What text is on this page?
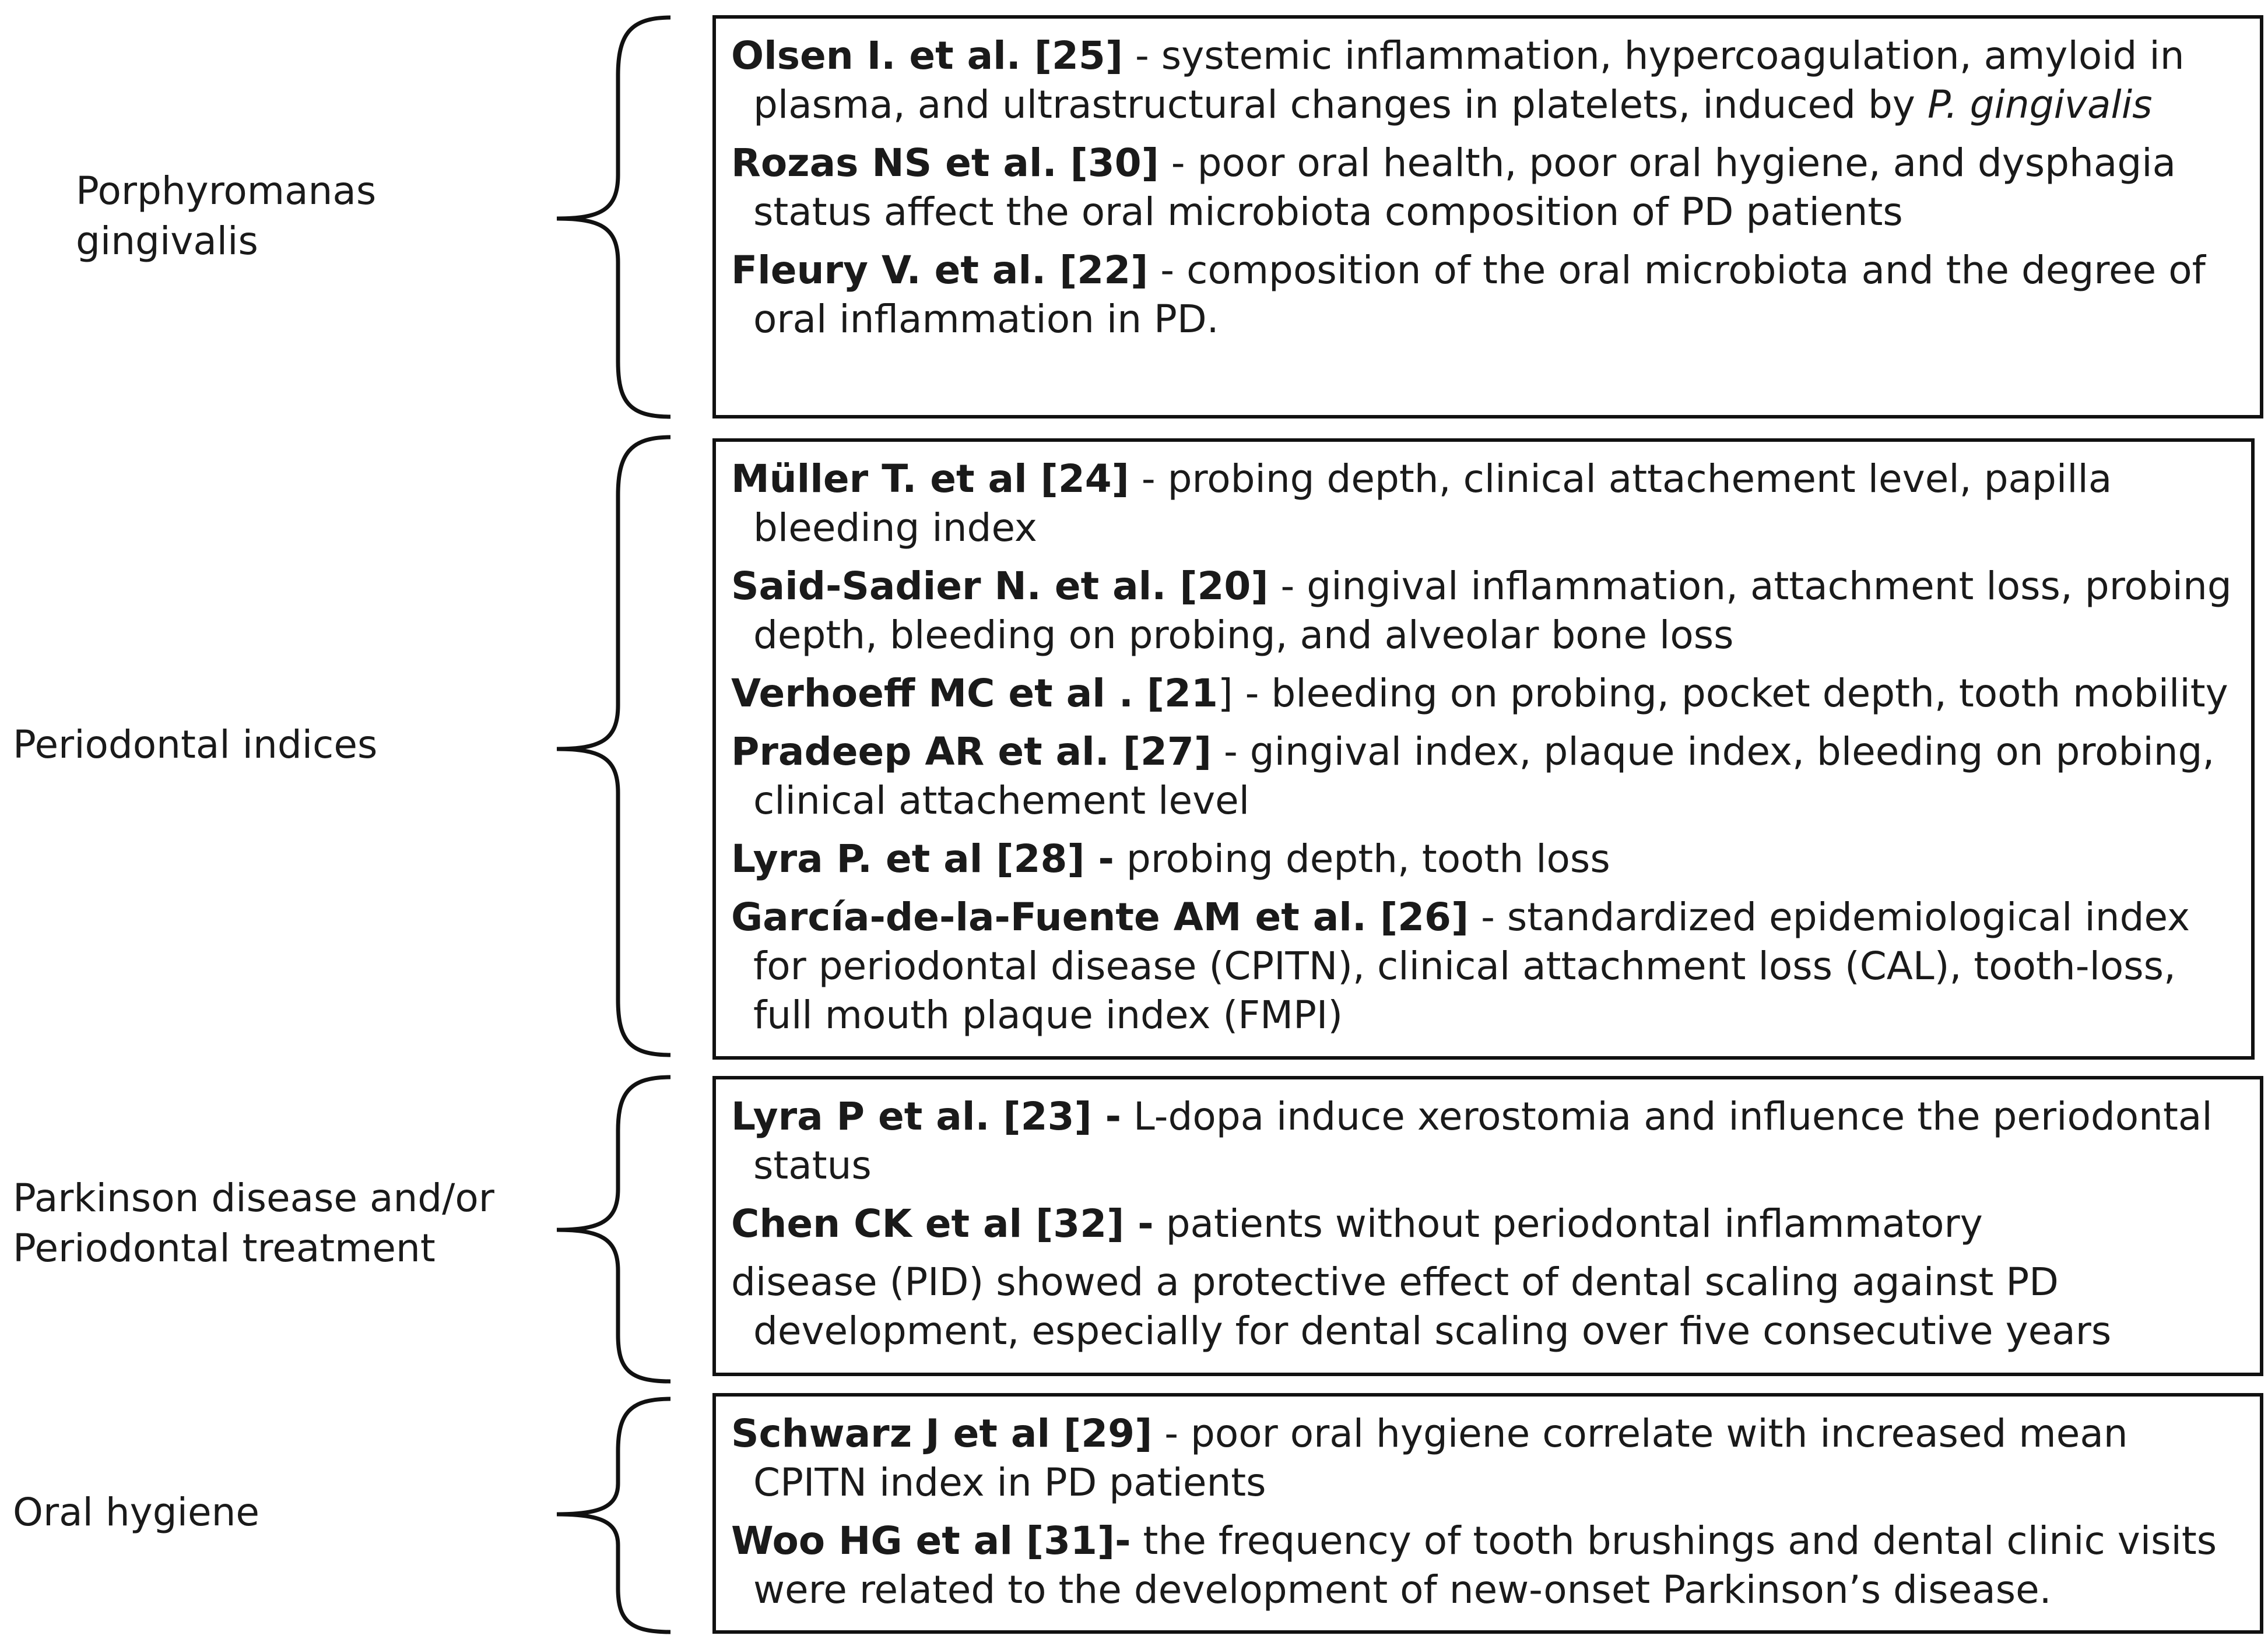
Porphyromanas
gingivalis
Periodontal indices
Parkinson disease and/or
Periodontal treatment
Oral hygiene
Olsen I. et al. [25] - systemic inflammation, hypercoagulation, amyloid in plasma, and ultrastructural changes in platelets, induced by P. gingivalis
Rozas NS et al. [30] - poor oral health, poor oral hygiene, and dysphagia status affect the oral microbiota composition of PD patients
Fleury V. et al. [22] - composition of the oral microbiota and the degree of oral inflammation in PD.
Müller T. et al [24] - probing depth, clinical attachement level, papilla bleeding index
Said-Sadier N. et al. [20] - gingival inflammation, attachment loss, probing depth, bleeding on probing, and alveolar bone loss
Verhoeff MC et al . [21] - bleeding on probing, pocket depth, tooth mobility
Pradeep AR et al. [27] - gingival index, plaque index, bleeding on probing, clinical attachement level
Lyra P. et al [28] - probing depth, tooth loss
García-de-la-Fuente AM et al. [26] - standardized epidemiological index for periodontal disease (CPITN), clinical attachment loss (CAL), tooth-loss, full mouth plaque index (FMPI)
Lyra P et al. [23] - L-dopa induce xerostomia and influence the periodontal status
Chen CK et al [32] - patients without periodontal inflammatory
disease (PID) showed a protective effect of dental scaling against PD development, especially for dental scaling over five consecutive years
Schwarz J et al [29] - poor oral hygiene correlate with increased mean CPITN index in PD patients
Woo HG et al [31]- the frequency of tooth brushings and dental clinic visits were related to the development of new-onset Parkinson’s disease.
